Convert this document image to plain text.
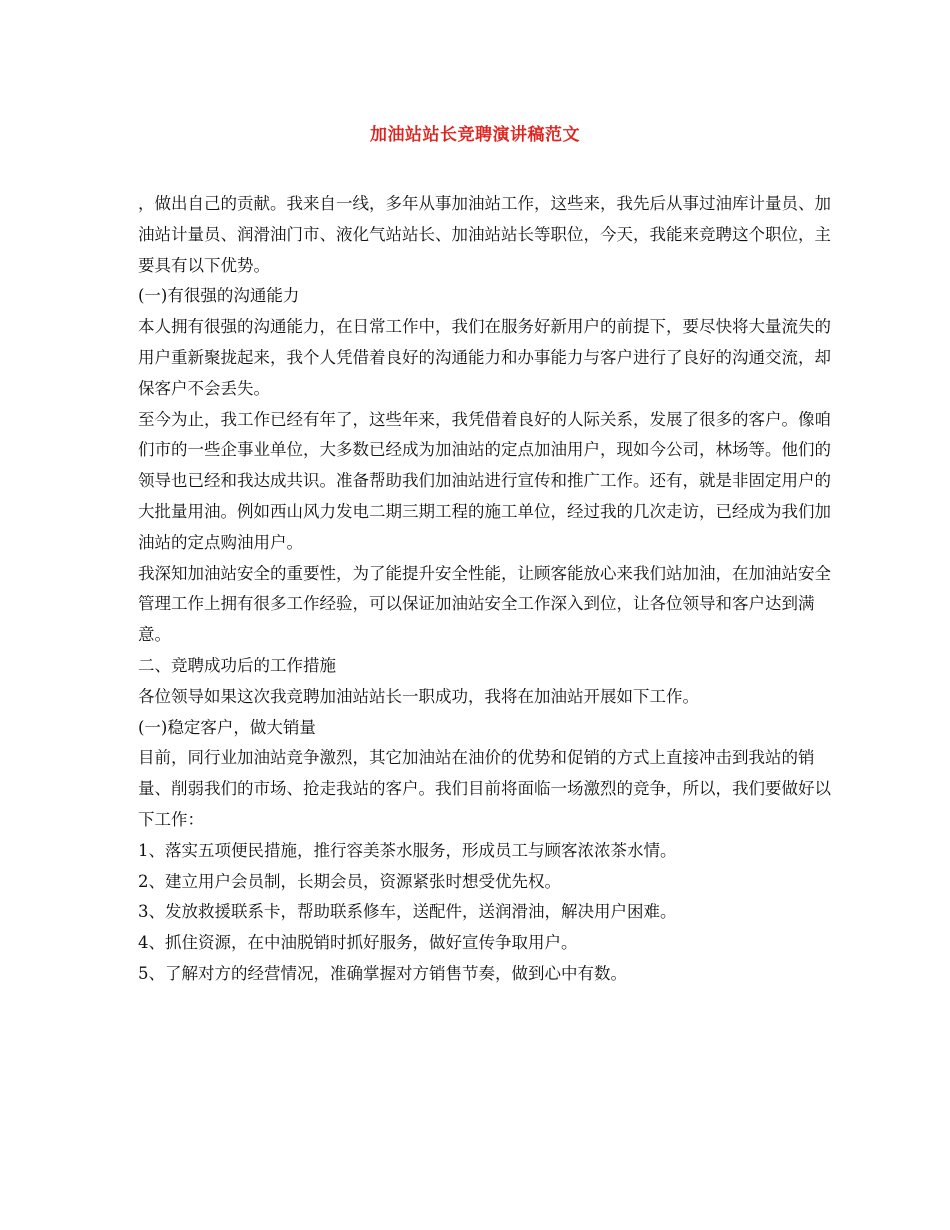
加油站站长竞聘演讲稿范文

，做出自己的贡献。我来自一线，多年从事加油站工作，这些来，我先后从事过油库计量员、加油站计量员、润滑油门市、液化气站站长、加油站站长等职位，今天，我能来竞聘这个职位，主要具有以下优势。

(一)有很强的沟通能力

本人拥有很强的沟通能力，在日常工作中，我们在服务好新用户的前提下，要尽快将大量流失的用户重新聚拢起来，我个人凭借着良好的沟通能力和办事能力与客户进行了良好的沟通交流，却保客户不会丢失。

至今为止，我工作已经有年了，这些年来，我凭借着良好的人际关系，发展了很多的客户。像咱们市的一些企事业单位，大多数已经成为加油站的定点加油用户，现如今公司，林场等。他们的领导也已经和我达成共识。准备帮助我们加油站进行宣传和推广工作。还有，就是非固定用户的大批量用油。例如西山风力发电二期三期工程的施工单位，经过我的几次走访，已经成为我们加油站的定点购油用户。

我深知加油站安全的重要性，为了能提升安全性能，让顾客能放心来我们站加油，在加油站安全管理工作上拥有很多工作经验，可以保证加油站安全工作深入到位，让各位领导和客户达到满意。

二、竞聘成功后的工作措施

各位领导如果这次我竞聘加油站站长一职成功，我将在加油站开展如下工作。

(一)稳定客户，做大销量

目前，同行业加油站竞争激烈，其它加油站在油价的优势和促销的方式上直接冲击到我站的销量、削弱我们的市场、抢走我站的客户。我们目前将面临一场激烈的竞争，所以，我们要做好以下工作：

1、落实五项便民措施，推行容美茶水服务，形成员工与顾客浓浓茶水情。

2、建立用户会员制，长期会员，资源紧张时想受优先权。

3、发放救援联系卡，帮助联系修车，送配件，送润滑油，解决用户困难。

4、抓住资源，在中油脱销时抓好服务，做好宣传争取用户。

5、了解对方的经营情况，准确掌握对方销售节奏，做到心中有数。
